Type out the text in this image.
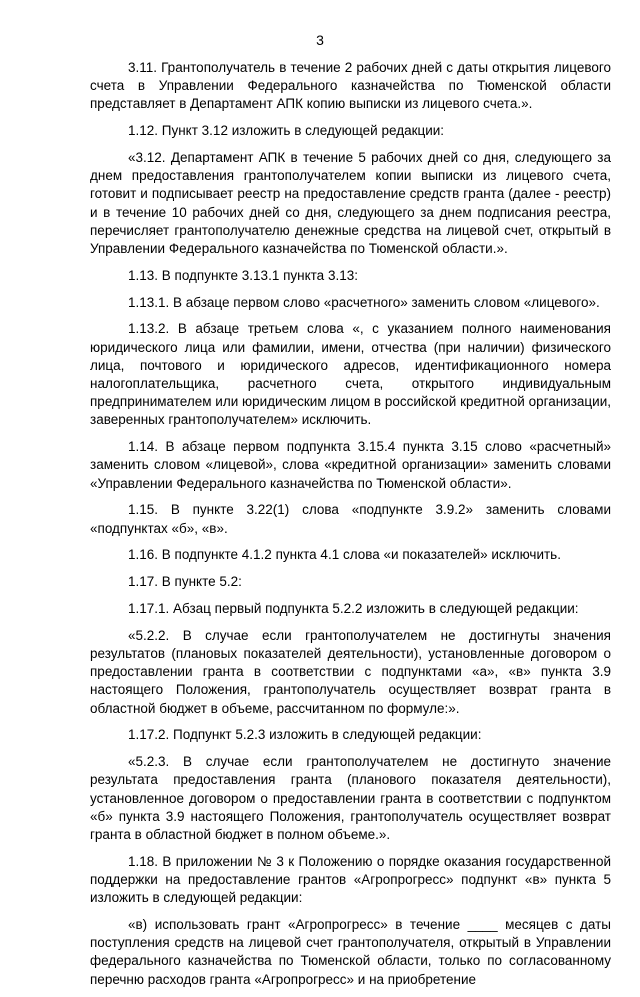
3

3.11. Грантополучатель в течение 2 рабочих дней с даты открытия лицевого счета в Управлении Федерального казначейства по Тюменской области представляет в Департамент АПК копию выписки из лицевого счета.».

1.12. Пункт 3.12 изложить в следующей редакции:

«3.12. Департамент АПК в течение 5 рабочих дней со дня, следующего за днем предоставления грантополучателем копии выписки из лицевого счета, готовит и подписывает реестр на предоставление средств гранта (далее - реестр) и в течение 10 рабочих дней со дня, следующего за днем подписания реестра, перечисляет грантополучателю денежные средства на лицевой счет, открытый в Управлении Федерального казначейства по Тюменской области.».

1.13. В подпункте 3.13.1 пункта 3.13:

1.13.1. В абзаце первом слово «расчетного» заменить словом «лицевого».

1.13.2. В абзаце третьем слова «, с указанием полного наименования юридического лица или фамилии, имени, отчества (при наличии) физического лица, почтового и юридического адресов, идентификационного номера налогоплательщика, расчетного счета, открытого индивидуальным предпринимателем или юридическим лицом в российской кредитной организации, заверенных грантополучателем» исключить.

1.14. В абзаце первом подпункта 3.15.4 пункта 3.15 слово «расчетный» заменить словом «лицевой», слова «кредитной организации» заменить словами «Управлении Федерального казначейства по Тюменской области».

1.15. В пункте 3.22(1) слова «подпункте 3.9.2» заменить словами «подпунктах «б», «в».

1.16. В подпункте 4.1.2 пункта 4.1 слова «и показателей» исключить.

1.17. В пункте 5.2:

1.17.1. Абзац первый подпункта 5.2.2 изложить в следующей редакции:

«5.2.2. В случае если грантополучателем не достигнуты значения результатов (плановых показателей деятельности), установленные договором о предоставлении гранта в соответствии с подпунктами «а», «в» пункта 3.9 настоящего Положения, грантополучатель осуществляет возврат гранта в областной бюджет в объеме, рассчитанном по формуле:».

1.17.2. Подпункт 5.2.3 изложить в следующей редакции:

«5.2.3. В случае если грантополучателем не достигнуто значение результата предоставления гранта (планового показателя деятельности), установленное договором о предоставлении гранта в соответствии с подпунктом «б» пункта 3.9 настоящего Положения, грантополучатель осуществляет возврат гранта в областной бюджет в полном объеме.».

1.18. В приложении № 3 к Положению о порядке оказания государственной поддержки на предоставление грантов «Агропрогресс» подпункт «в» пункта 5 изложить в следующей редакции:

«в) использовать грант «Агропрогресс» в течение ____ месяцев с даты поступления средств на лицевой счет грантополучателя, открытый в Управлении федерального казначейства по Тюменской области, только по согласованному перечню расходов гранта «Агропрогресс» и на приобретение
